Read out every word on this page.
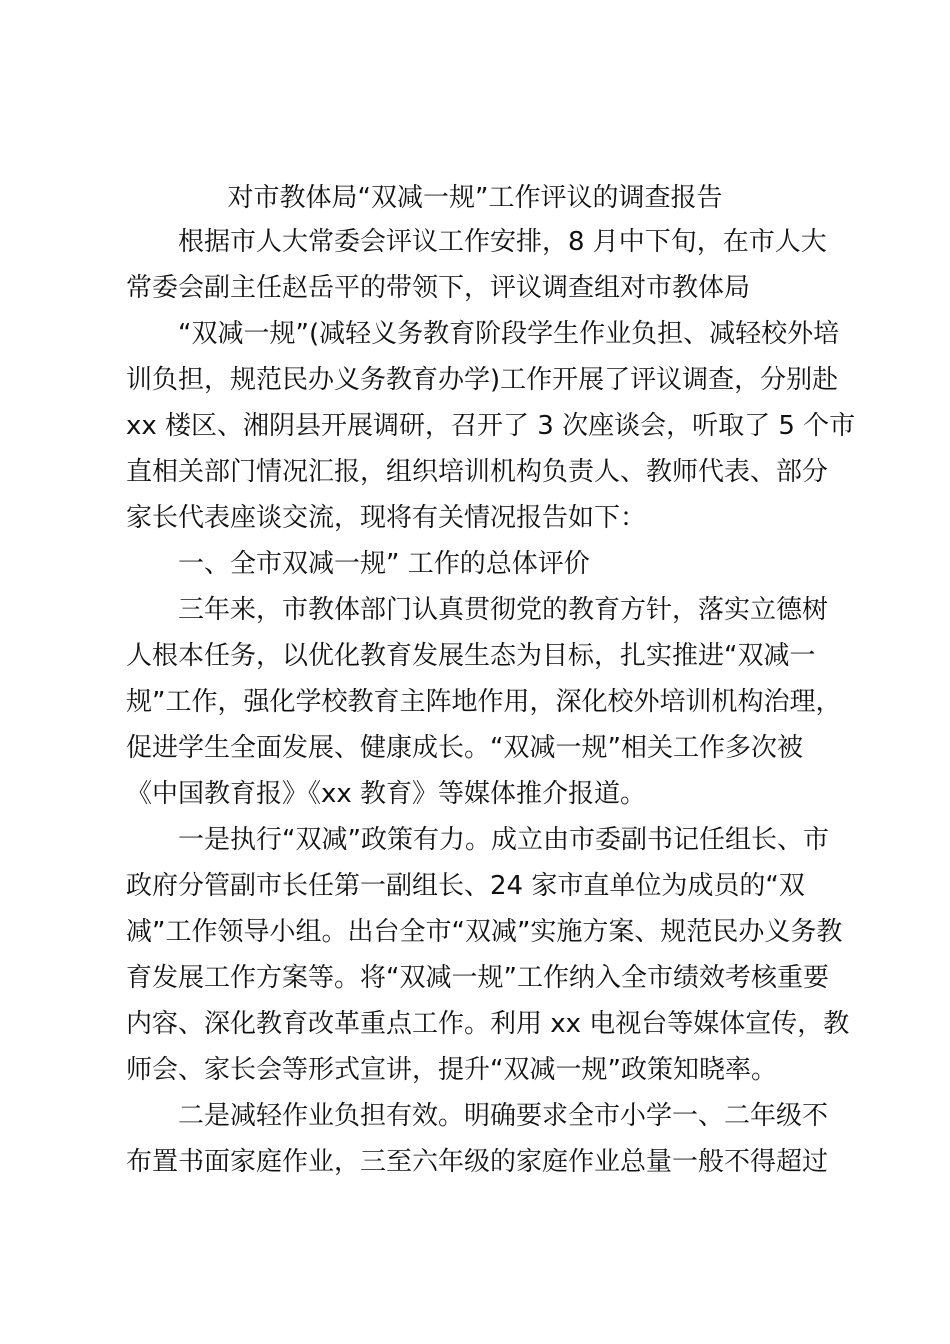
对市教体局“双减一规”工作评议的调查报告
根据市人大常委会评议工作安排，8 月中下旬，在市人大
常委会副主任赵岳平的带领下，评议调查组对市教体局
“双减一规”(减轻义务教育阶段学生作业负担、减轻校外培
训负担，规范民办义务教育办学)工作开展了评议调查，分别赴
xx 楼区、湘阴县开展调研，召开了 3 次座谈会，听取了 5 个市
直相关部门情况汇报，组织培训机构负责人、教师代表、部分
家长代表座谈交流，现将有关情况报告如下：
一、全市双减一规” 工作的总体评价
三年来，市教体部门认真贯彻党的教育方针，落实立德树
人根本任务，以优化教育发展生态为目标，扎实推进“双减一
规”工作，强化学校教育主阵地作用，深化校外培训机构治理，
促进学生全面发展、健康成长。“双减一规”相关工作多次被
《中国教育报》《xx 教育》等媒体推介报道。
一是执行“双减”政策有力。成立由市委副书记任组长、市
政府分管副市长任第一副组长、24 家市直单位为成员的“双
减”工作领导小组。出台全市“双减”实施方案、规范民办义务教
育发展工作方案等。将“双减一规”工作纳入全市绩效考核重要
内容、深化教育改革重点工作。利用 xx 电视台等媒体宣传，教
师会、家长会等形式宣讲，提升“双减一规”政策知晓率。
二是减轻作业负担有效。明确要求全市小学一、二年级不
布置书面家庭作业，三至六年级的家庭作业总量一般不得超过
